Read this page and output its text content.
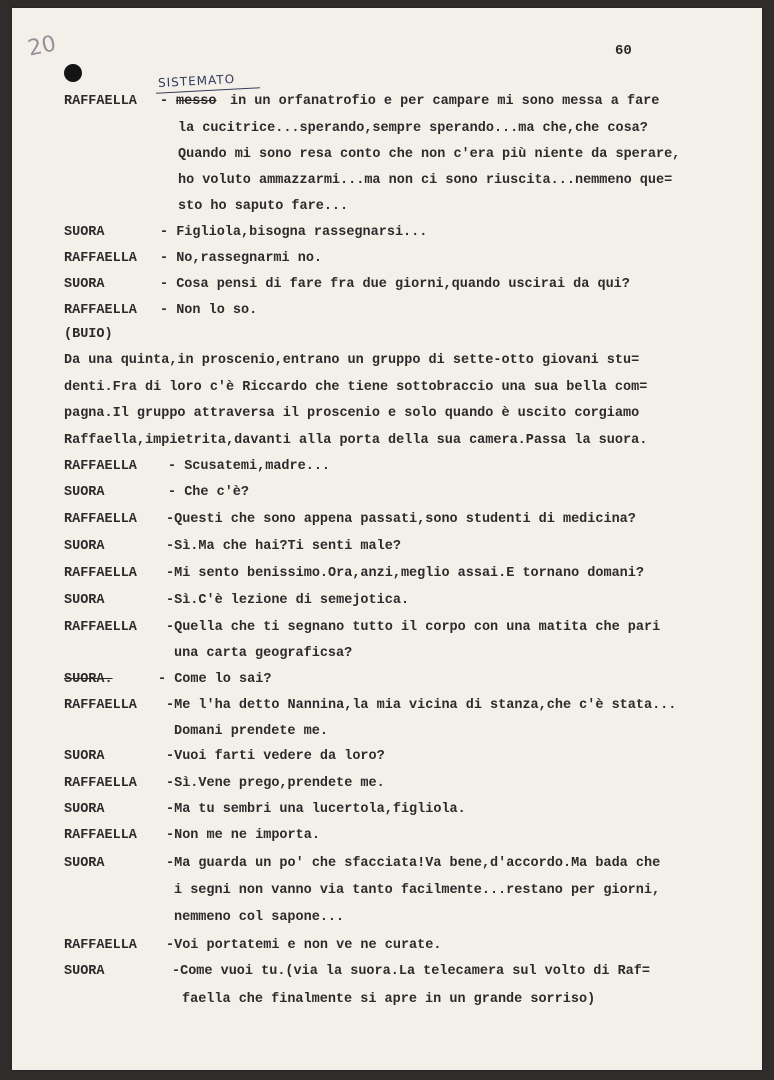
20	60
SISTEMATO
RAFFAELLA - messo in un orfanatrofio e per campare mi sono messa a fare
la cucitrice...sperando,sempre sperando...ma che,che cosa?
Quando mi sono resa conto che non c'era più niente da sperare,
ho voluto ammazzarmi...ma non ci sono riuscita...nemmeno que=
sto ho saputo fare...
SUORA	- Figliola,bisogna rassegnarsi...
RAFFAELLA - No,rassegnarmi no.
SUORA	- Cosa pensi di fare fra due giorni,quando uscirai da qui?
RAFFAELLA - Non lo so.
(BUIO)
Da una quinta,in proscenio,entrano un gruppo di sette-otto giovani stu=
denti.Fra di loro c'è Riccardo che tiene sottobraccio una sua bella com=
pagna.Il gruppo attraversa il proscenio e solo quando è uscito corgiamo
Raffaella,impietrita,davanti alla porta della sua camera.Passa la suora.
RAFFAELLA - Scusatemi,madre...
SUORA	- Che c'è?
RAFFAELLA -Questi che sono appena passati,sono studenti di medicina?
SUORA	-Sì.Ma che hai?Ti senti male?
RAFFAELLA -Mi sento benissimo.Ora,anzi,meglio assai.E tornano domani?
SUORA	-Sì.C'è lezione di semejotica.
RAFFAELLA -Quella che ti segnano tutto il corpo con una matita che pari
una carta geograficsa?
SUORA.	- Come lo sai?
RAFFAELLA -Me l'ha detto Nannina,la mia vicina di stanza,che c'è stata...
Domani prendete me.
SUORA	-Vuoi farti vedere da loro?
RAFFAELLA -Sì.Vene prego,prendete me.
SUORA	-Ma tu sembri una lucertola,figliola.
RAFFAELLA -Non me ne importa.
SUORA	-Ma guarda un po' che sfacciata!Va bene,d'accordo.Ma bada che
i segni non vanno via tanto facilmente...restano per giorni,
nemmeno col sapone...
RAFFAELLA -Voi portatemi e non ve ne curate.
SUORA	-Come vuoi tu.(via la suora.La telecamera sul volto di Raf=
faella che finalmente si apre in un grande sorriso)
